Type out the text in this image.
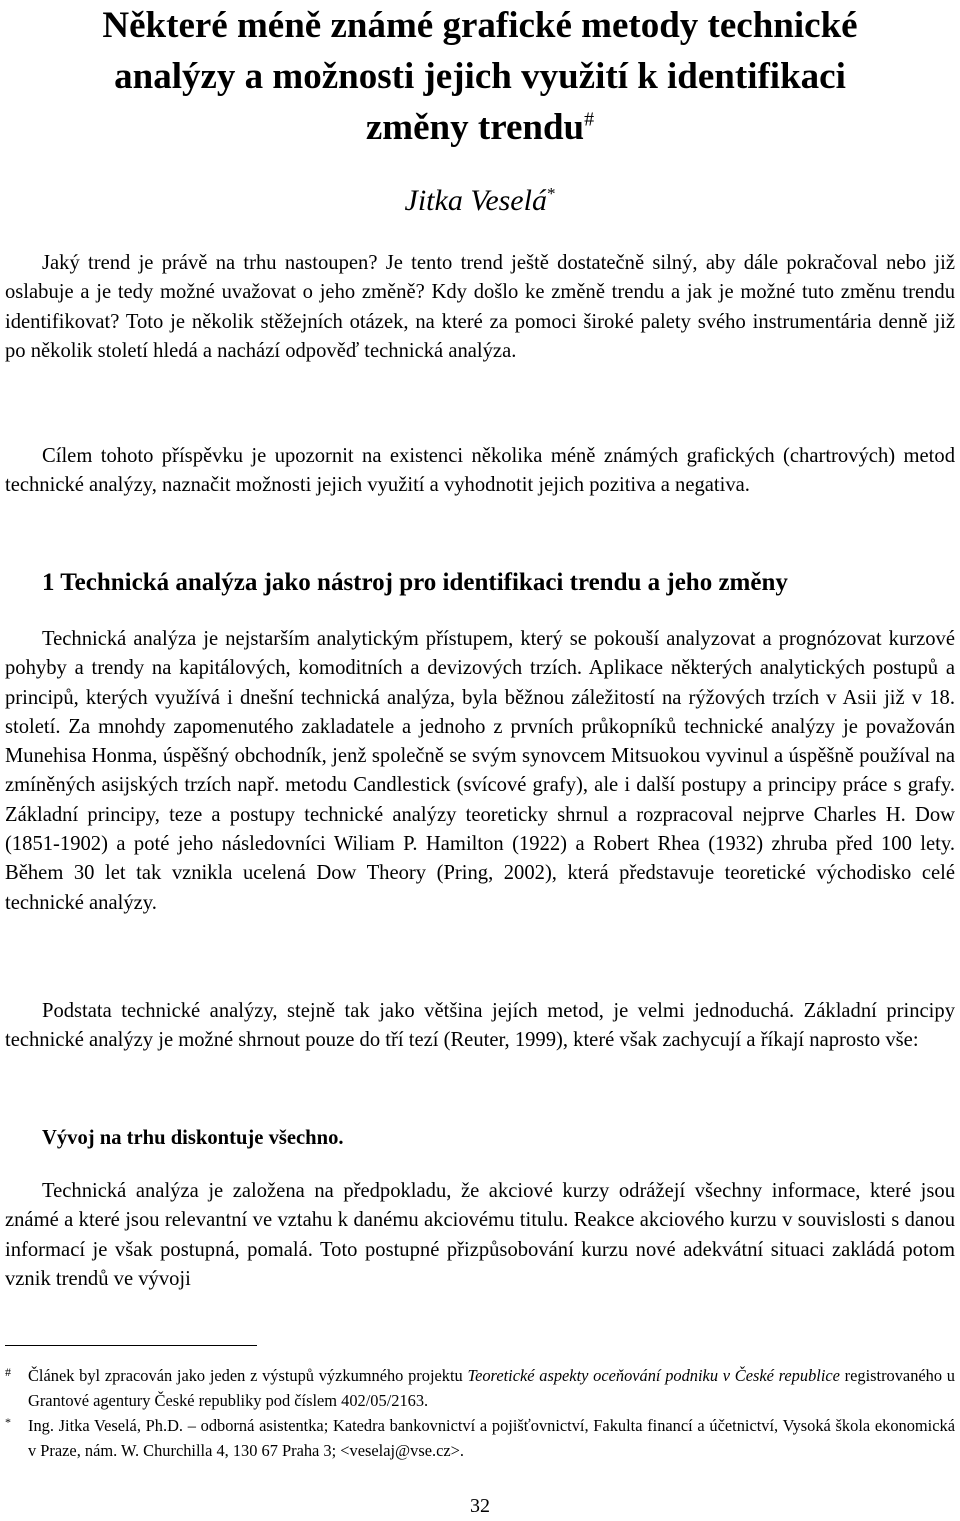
Některé méně známé grafické metody technické
analýzy a možnosti jejich využití k identifikaci
změny trendu#
Jitka Veselá*

Jaký trend je právě na trhu nastoupen? Je tento trend ještě dostatečně silný, aby dále pokračoval nebo již oslabuje a je tedy možné uvažovat o jeho změně? Kdy došlo ke změně trendu a jak je možné tuto změnu trendu identifikovat? Toto je několik stěžejních otázek, na které za pomoci široké palety svého instrumentária denně již po několik století hledá a nachází odpověď technická analýza.

Cílem tohoto příspěvku je upozornit na existenci několika méně známých grafických (chartrových) metod technické analýzy, naznačit možnosti jejich využití a vyhodnotit jejich pozitiva a negativa.

1 Technická analýza jako nástroj pro identifikaci trendu a jeho změny

Technická analýza je nejstarším analytickým přístupem, který se pokouší analyzovat a prognózovat kurzové pohyby a trendy na kapitálových, komoditních a devizových trzích. Aplikace některých analytických postupů a principů, kterých využívá i dnešní technická analýza, byla běžnou záležitostí na rýžových trzích v Asii již v 18. století. Za mnohdy zapomenutého zakladatele a jednoho z prvních průkopníků technické analýzy je považován Munehisa Honma, úspěšný obchodník, jenž společně se svým synovcem Mitsuokou vyvinul a úspěšně používal na zmíněných asijských trzích např. metodu Candlestick (svícové grafy), ale i další postupy a principy práce s grafy. Základní principy, teze a postupy technické analýzy teoreticky shrnul a rozpracoval nejprve Charles H. Dow (1851-1902) a poté jeho následovníci Wiliam P. Hamilton (1922) a Robert Rhea (1932) zhruba před 100 lety. Během 30 let tak vznikla ucelená Dow Theory (Pring, 2002), která představuje teoretické východisko celé technické analýzy.

Podstata technické analýzy, stejně tak jako většina jejích metod, je velmi jednoduchá. Základní principy technické analýzy je možné shrnout pouze do tří tezí (Reuter, 1999), které však zachycují a říkají naprosto vše:

Vývoj na trhu diskontuje všechno.

Technická analýza je založena na předpokladu, že akciové kurzy odrážejí všechny informace, které jsou známé a které jsou relevantní ve vztahu k danému akciovému titulu. Reakce akciového kurzu v souvislosti s danou informací je však postupná, pomalá. Toto postupné přizpůsobování kurzu nové adekvátní situaci zakládá potom vznik trendů ve vývoji

#	Článek byl zpracován jako jeden z výstupů výzkumného projektu Teoretické aspekty oceňování podniku v České republice registrovaného u Grantové agentury České republiky pod číslem 402/05/2163.
*	Ing. Jitka Veselá, Ph.D. – odborná asistentka; Katedra bankovnictví a pojišťovnictví, Fakulta financí a účetnictví, Vysoká škola ekonomická v Praze, nám. W. Churchilla 4, 130 67 Praha 3; <veselaj@vse.cz>.
32
